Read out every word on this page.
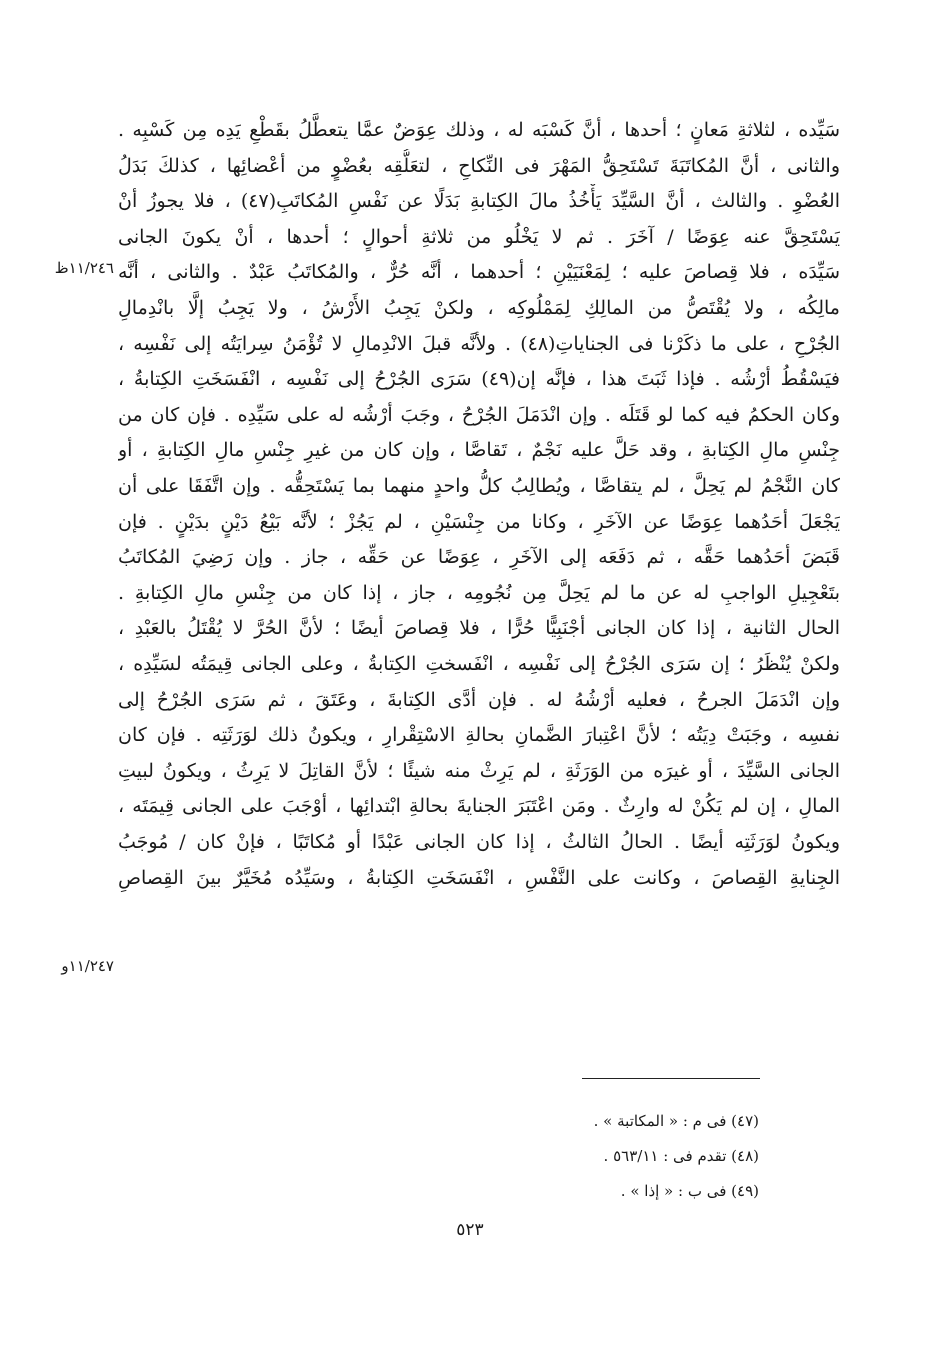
سَيِّده ، لثلاثةِ مَعانٍ ؛ أحدها ، أنَّ كَسْبَه له ، وذلك عِوَضٌ عمَّا يتعطَّلُ بقَطْعِ يَدِه مِن كَسْبِه .
والثانى ، أنَّ المُكاتَبَةَ تَسْتَحِقُّ المَهْرَ فى النِّكاحِ ، لتعَلُّقِه بعُضْوٍ من أعْضائِها ، كذلكَ بَدَلُ
العُضْوِ . والثالث ، أنَّ السَّيِّدَ يَأْخُذُ مالَ الكِتابةِ بَدَلًا عن نَفْسِ المُكاتَبِ(٤٧) ، فلا يجوزُ أنْ
يَسْتَحِقَّ عنه عِوَضًا / آخَرَ . ثم لا يَخْلُو من ثلاثةِ أحوالٍ ؛ أحدها ، أنْ يكونَ الجانى
سَيِّدَه ، فلا قِصاصَ عليه ؛ لِمَعْنَيَيْنِ ؛ أحدهما ، أنَّه حُرٌّ ، والمُكاتَبُ عَبْدٌ . والثانى ، أنَّه
مالِكُه ، ولا يُقْتَصُّ من المالِكِ لِمَمْلُوكِه ، ولكنْ يَجِبُ الأَرْشُ ، ولا يَجِبُ إلَّا بانْدِمالِ
الجُرْحِ ، على ما ذكَرْنا فى الجناياتِ(٤٨) . ولأنَّه قبلَ الانْدِمالِ لا تُؤْمَنُ سِرايَتُه إلى نَفْسِه ،
فيَسْقُطُ أرْشُه . فإذا ثَبَتَ هذا ، فإنَّه إن(٤٩) سَرَى الجُرْحُ إلى نَفْسِه ، انْفَسَخَتِ الكِتابةُ ،
وكان الحكمُ فيه كما لو قَتَلَه . وإن انْدَمَلَ الجُرْحُ ، وجَبَ أرْشُه له على سَيِّدِه . فإن كان من
جِنْسِ مالِ الكِتابةِ ، وقد حَلَّ عليه نَجْمٌ ، تَقاصَّا ، وإن كان من غيرِ جِنْسِ مالِ الكِتابةِ ، أو
كان النَّجْمُ لم يَحِلَّ ، لم يتقاصَّا ، ويُطالِبُ كلُّ واحدٍ منهما بما يَسْتَحِقُّه . وإن اتَّفَقَا على أن
يَجْعَلَ أحَدُهما عِوَضًا عن الآخَرِ ، وكانا من جِنْسَيْنِ ، لم يَجُزْ ؛ لأنَّه بَيْعُ دَيْنٍ بدَيْنٍ . فإن
قَبَضَ أحَدُهما حَقَّه ، ثم دَفَعَه إلى الآخَرِ ، عِوَضًا عن حَقِّه ، جاز . وإن رَضِيَ المُكاتَبُ
بتَعْجِيلِ الواجبِ له عن ما لم يَحِلَّ مِن نُجُومِه ، جاز ، إذا كان من جِنْسِ مالِ الكِتابةِ .
الحال الثانية ، إذا كان الجانى أجْنَبِيًّا حُرًّا ، فلا قِصاصَ أيضًا ؛ لأنَّ الحُرَّ لا يُقْتَلُ بالعَبْدِ ،
ولكنْ يُنْظَرُ ؛ إن سَرَى الجُرْحُ إلى نَفْسِه ، انْفَسختِ الكِتابةُ ، وعلى الجانى قِيمَتُه لسَيِّدِه ،
وإن انْدَمَلَ الجرحُ ، فعليه أرْشُهُ له . فإن أدَّى الكِتابةَ ، وعَتَقَ ، ثم سَرَى الجُرْحُ إلى
نفسِه ، وجَبَتْ دِيَتُه ؛ لأنَّ اعْتِبارَ الضَّمانِ بحالةِ الاسْتِقْرارِ ، ويكونُ ذلك لوَرَثَتِه . فإن كان
الجانى السَّيِّدَ ، أو غيرَه من الوَرَثَةِ ، لم يَرِثْ منه شيئًا ؛ لأنَّ القاتِلَ لا يَرِثُ ، ويكونُ لبيتِ
المالِ ، إن لم يَكُنْ له وارِثٌ . ومَن اعْتَبَرَ الجنايةَ بحالةِ ابْتدائِها ، أوْجَبَ على الجانى قِيمَتَه ،
ويكونُ لوَرَثَتِه أيضًا . الحالُ الثالثُ ، إذا كان الجانى عَبْدًا أو مُكاتَبًا ، فإنْ كان / مُوجَبُ
الجِنايةِ القِصاصَ ، وكانت على النَّفْسِ ، انْفَسَخَتِ الكِتابةُ ، وسَيِّدُه مُخَيَّرٌ بينَ القِصاصِ
١١/٢٤٦ظ
١١/٢٤٧و
(٤٧) فى م : « المكاتبة » .
(٤٨) تقدم فى : ٥٦٣/١١ .
(٤٩) فى ب : « إذا » .
٥٢٣
